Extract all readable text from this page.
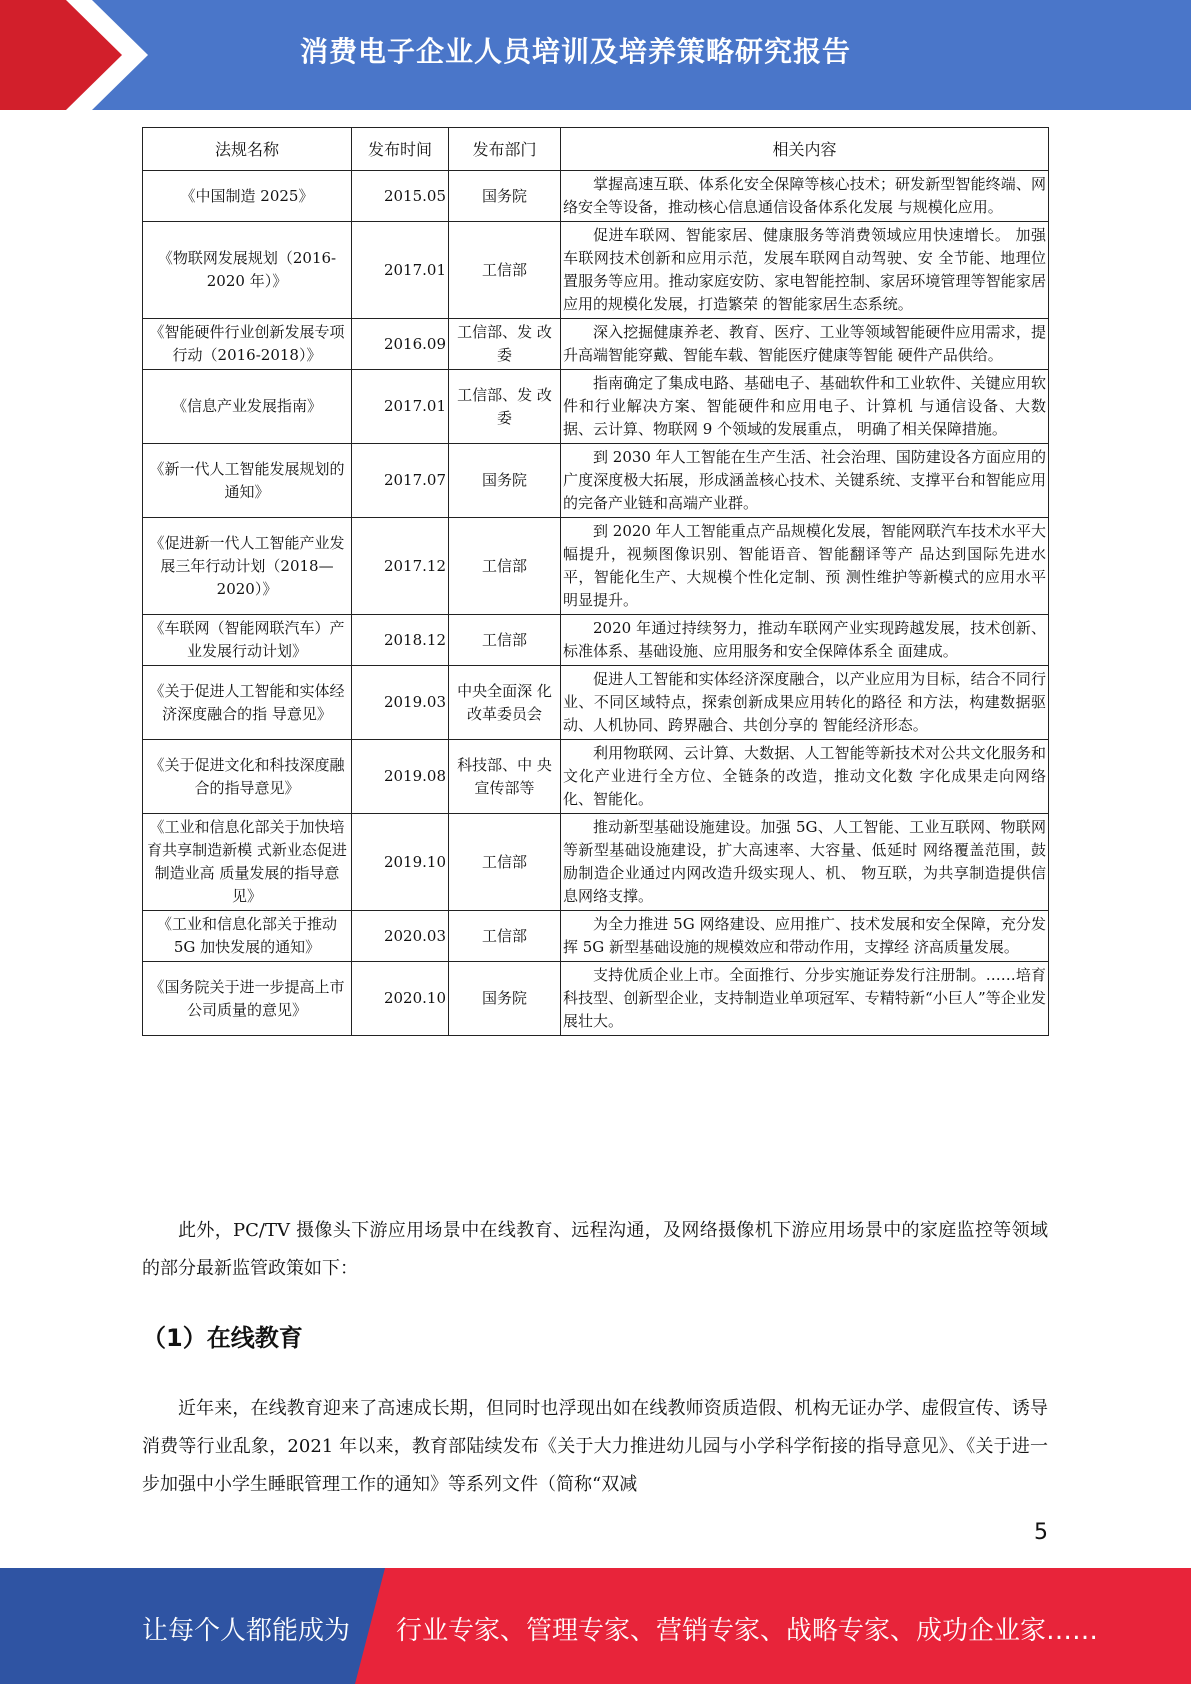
消费电子企业人员培训及培养策略研究报告
法规名称	发布时间	发布部门	相关内容
《中国制造 2025》	2015.05	国务院	掌握高速互联、体系化安全保障等核心技术；研发新型智能终端、网络安全等设备，推动核心信息通信设备体系化发展 与规模化应用。
《物联网发展规划（2016-2020 年）》	2017.01	工信部	促进车联网、智能家居、健康服务等消费领域应用快速增长。 加强车联网技术创新和应用示范，发展车联网自动驾驶、安 全节能、地理位置服务等应用。推动家庭安防、家电智能控制、家居环境管理等智能家居应用的规模化发展，打造繁荣 的智能家居生态系统。
《智能硬件行业创新发展专项行动（2016-2018）》	2016.09	工信部、发 改委	深入挖掘健康养老、教育、医疗、工业等领域智能硬件应用需求，提升高端智能穿戴、智能车载、智能医疗健康等智能 硬件产品供给。
《信息产业发展指南》	2017.01	工信部、发 改委	指南确定了集成电路、基础电子、基础软件和工业软件、关键应用软件和行业解决方案、智能硬件和应用电子、计算机 与通信设备、大数据、云计算、物联网 9 个领域的发展重点， 明确了相关保障措施。
《新一代人工智能发展规划的通知》	2017.07	国务院	到 2030 年人工智能在生产生活、社会治理、国防建设各方面应用的广度深度极大拓展，形成涵盖核心技术、关键系统、支撑平台和智能应用的完备产业链和高端产业群。
《促进新一代人工智能产业发展三年行动计划（2018—2020）》	2017.12	工信部	到 2020 年人工智能重点产品规模化发展，智能网联汽车技术水平大幅提升，视频图像识别、智能语音、智能翻译等产 品达到国际先进水平，智能化生产、大规模个性化定制、预 测性维护等新模式的应用水平明显提升。
《车联网（智能网联汽车）产业发展行动计划》	2018.12	工信部	2020 年通过持续努力，推动车联网产业实现跨越发展，技术创新、标准体系、基础设施、应用服务和安全保障体系全 面建成。
《关于促进人工智能和实体经济深度融合的指 导意见》	2019.03	中央全面深 化改革委员会	促进人工智能和实体经济深度融合，以产业应用为目标，结合不同行业、不同区域特点，探索创新成果应用转化的路径 和方法，构建数据驱动、人机协同、跨界融合、共创分享的 智能经济形态。
《关于促进文化和科技深度融合的指导意见》	2019.08	科技部、中 央宣传部等	利用物联网、云计算、大数据、人工智能等新技术对公共文化服务和文化产业进行全方位、全链条的改造，推动文化数 字化成果走向网络化、智能化。
《工业和信息化部关于加快培育共享制造新模 式新业态促进制造业高 质量发展的指导意见》	2019.10	工信部	推动新型基础设施建设。加强 5G、人工智能、工业互联网、物联网等新型基础设施建设，扩大高速率、大容量、低延时 网络覆盖范围，鼓励制造企业通过内网改造升级实现人、机、 物互联，为共享制造提供信息网络支撑。
《工业和信息化部关于推动 5G 加快发展的通知》	2020.03	工信部	为全力推进 5G 网络建设、应用推广、技术发展和安全保障，充分发挥 5G 新型基础设施的规模效应和带动作用，支撑经 济高质量发展。
《国务院关于进一步提高上市公司质量的意见》	2020.10	国务院	支持优质企业上市。全面推行、分步实施证券发行注册制。……培育科技型、创新型企业，支持制造业单项冠军、专精特新“小巨人”等企业发展壮大。

此外，PC/TV 摄像头下游应用场景中在线教育、远程沟通，及网络摄像机下游应用场景中的家庭监控等领域的部分最新监管政策如下：

（1）在线教育

近年来，在线教育迎来了高速成长期，但同时也浮现出如在线教师资质造假、机构无证办学、虚假宣传、诱导消费等行业乱象，2021 年以来，教育部陆续发布《关于大力推进幼儿园与小学科学衔接的指导意见》、《关于进一步加强中小学生睡眠管理工作的通知》等系列文件（简称“双减

5
让每个人都能成为 行业专家、管理专家、营销专家、战略专家、成功企业家……
